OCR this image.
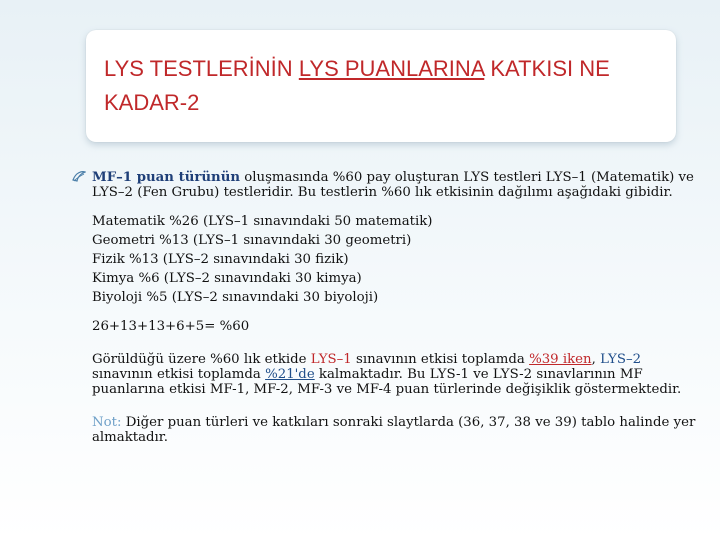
LYS TESTLERİNİN LYS PUANLARINA KATKISI NE KADAR-2
MF–1 puan türünün oluşmasında %60 pay oluşturan LYS testleri LYS–1 (Matematik) ve LYS–2 (Fen Grubu) testleridir. Bu testlerin %60 lık etkisinin dağılımı aşağıdaki gibidir.
Matematik %26 (LYS–1 sınavındaki 50 matematik)
Geometri %13 (LYS–1 sınavındaki 30 geometri)
Fizik %13 (LYS–2 sınavındaki 30 fizik)
Kimya %6 (LYS–2 sınavındaki 30 kimya)
Biyoloji %5 (LYS–2 sınavındaki 30 biyoloji)
26+13+13+6+5= %60
Görüldüğü üzere %60 lık etkide LYS–1 sınavının etkisi toplamda %39 iken, LYS–2 sınavının etkisi toplamda %21'de kalmaktadır. Bu LYS-1 ve LYS-2 sınavlarının MF puanlarına etkisi MF-1, MF-2, MF-3 ve MF-4 puan türlerinde değişiklik göstermektedir.
Not: Diğer puan türleri ve katkıları sonraki slaytlarda (36, 37, 38 ve 39) tablo halinde yer almaktadır.
